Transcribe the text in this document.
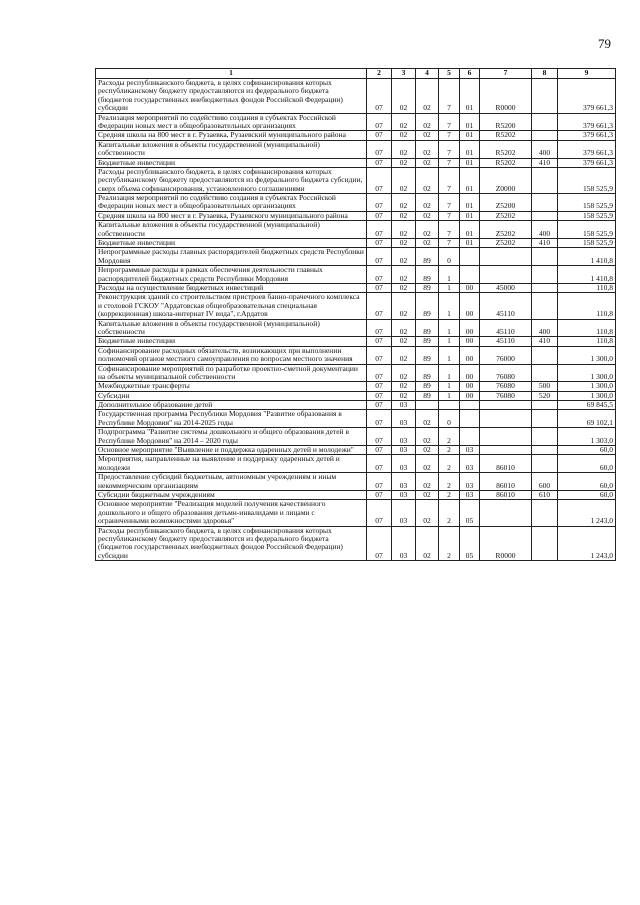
79
1	2	3	4	5	6	7	8	9
Расходы республиканского бюджета, в целях софинансирования которых республиканскому бюджету предоставляются из федерального бюджета (бюджетов государственных внебюджетных фондов Российской Федерации) субсидии	07	02	02	7	01	R0000		379 661,3
Реализация мероприятий по содействию создания в субъектах Российской Федерации новых мест в общеобразовательных организациях	07	02	02	7	01	R5200		379 661,3
Средняя школа на 800 мест в г. Рузаевка, Рузаевский муниципального района	07	02	02	7	01	R5202		379 661,3
Капитальные вложения в объекты государственной (муниципальной) собственности	07	02	02	7	01	R5202	400	379 661,3
Бюджетные инвестиции	07	02	02	7	01	R5202	410	379 661,3
Расходы республиканского бюджета, в целях софинансирования которых республиканскому бюджету предоставляются из федерального бюджета субсидии, сверх объема софинансирования, установленного соглашениями	07	02	02	7	01	Z0000		158 525,9
Реализация мероприятий по содействию создания в субъектах Российской Федерации новых мест в общеобразовательных организациях	07	02	02	7	01	Z5200		158 525,9
Средняя школа на 800 мест в г. Рузаевка, Рузаевского муниципального района	07	02	02	7	01	Z5202		158 525,9
Капитальные вложения в объекты государственной (муниципальной) собственности	07	02	02	7	01	Z5202	400	158 525,9
Бюджетные инвестиции	07	02	02	7	01	Z5202	410	158 525,9
Непрограммные расходы главных распорядителей бюджетных средств Республики Мордовия	07	02	89	0				1 410,8
Непрограммные расходы в рамках обеспечения деятельности главных распорядителей бюджетных средств Республики Мордовия	07	02	89	1				1 410,8
Расходы на осуществление бюджетных инвестиций	07	02	89	1	00	45000		110,8
Реконструкция зданий со строительством пристроев банно-прачечного комплекса и столовой ГСКОУ "Ардатовская общеобразовательная специальная (коррекционная) школа-интернат IV вида", г.Ардатов	07	02	89	1	00	45110		110,8
Капитальные вложения в объекты государственной (муниципальной) собственности	07	02	89	1	00	45110	400	110,8
Бюджетные инвестиции	07	02	89	1	00	45110	410	110,8
Софинансирование расходных обязательств, возникающих при выполнении полномочий органов местного самоуправления по вопросам местного значения	07	02	89	1	00	76000		1 300,0
Софинансирование мероприятий по разработке проектно-сметной документации на объекты муниципальной собственности	07	02	89	1	00	76080		1 300,0
Межбюджетные трансферты	07	02	89	1	00	76080	500	1 300,0
Субсидии	07	02	89	1	00	76080	520	1 300,0
Дополнительное образование детей	07	03						69 845,5
Государственная программа Республики Мордовия "Развитие образования в Республике Мордовия" на 2014-2025 годы	07	03	02	0				69 102,1
Подпрограмма "Развитие системы дошкольного и общего образования детей в Республике Мордовия" на 2014 – 2020 годы	07	03	02	2				1 303,0
Основное мероприятие "Выявление и поддержка одаренных детей и молодежи"	07	03	02	2	03			60,0
Мероприятия, направленные на выявление и поддержку одаренных детей и молодежи	07	03	02	2	03	86010		60,0
Предоставление субсидий бюджетным, автономным учреждениям и иным некоммерческим организациям	07	03	02	2	03	86010	600	60,0
Субсидии бюджетным учреждениям	07	03	02	2	03	86010	610	60,0
Основное мероприятие "Реализация моделей получения качественного дошкольного и общего образования детьми-инвалидами и лицами с ограниченными возможностями здоровья"	07	03	02	2	05			1 243,0
Расходы республиканского бюджета, в целях софинансирования которых республиканскому бюджету предоставляются из федерального бюджета (бюджетов государственных внебюджетных фондов Российской Федерации) субсидии	07	03	02	2	05	R0000		1 243,0
